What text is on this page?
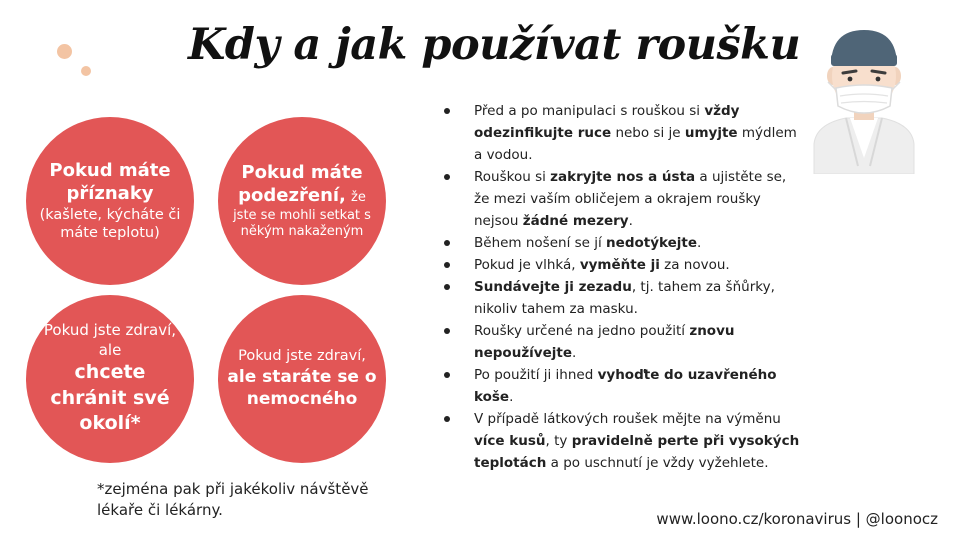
Kdy a jak používat roušku
Pokud máte
příznaky
(kašlete, kýcháte či máte teplotu)
Pokud máte
podezření, že
jste se mohli setkat s někým nakaženým
Pokud jste zdraví, ale
chcete chránit své okolí*
Pokud jste zdraví,
ale staráte se o nemocného
*zejména pak při jakékoliv návštěvě lékaře či lékárny.
Před a po manipulaci s rouškou si vždy odezinfikujte ruce nebo si je umyjte mýdlem a vodou.
Rouškou si zakryjte nos a ústa a ujistěte se, že mezi vaším obličejem a okrajem roušky nejsou žádné mezery.
Během nošení se jí nedotýkejte.
Pokud je vlhká, vyměňte ji za novou.
Sundávejte ji zezadu, tj. tahem za šňůrky, nikoliv tahem za masku.
Roušky určené na jedno použití znovu nepoužívejte.
Po použití ji ihned vyhoďte do uzavřeného koše.
V případě látkových roušek mějte na výměnu více kusů, ty pravidelně perte při vysokých teplotách a po uschnutí je vždy vyžehlete.
www.loono.cz/koronavirus | @loonocz
